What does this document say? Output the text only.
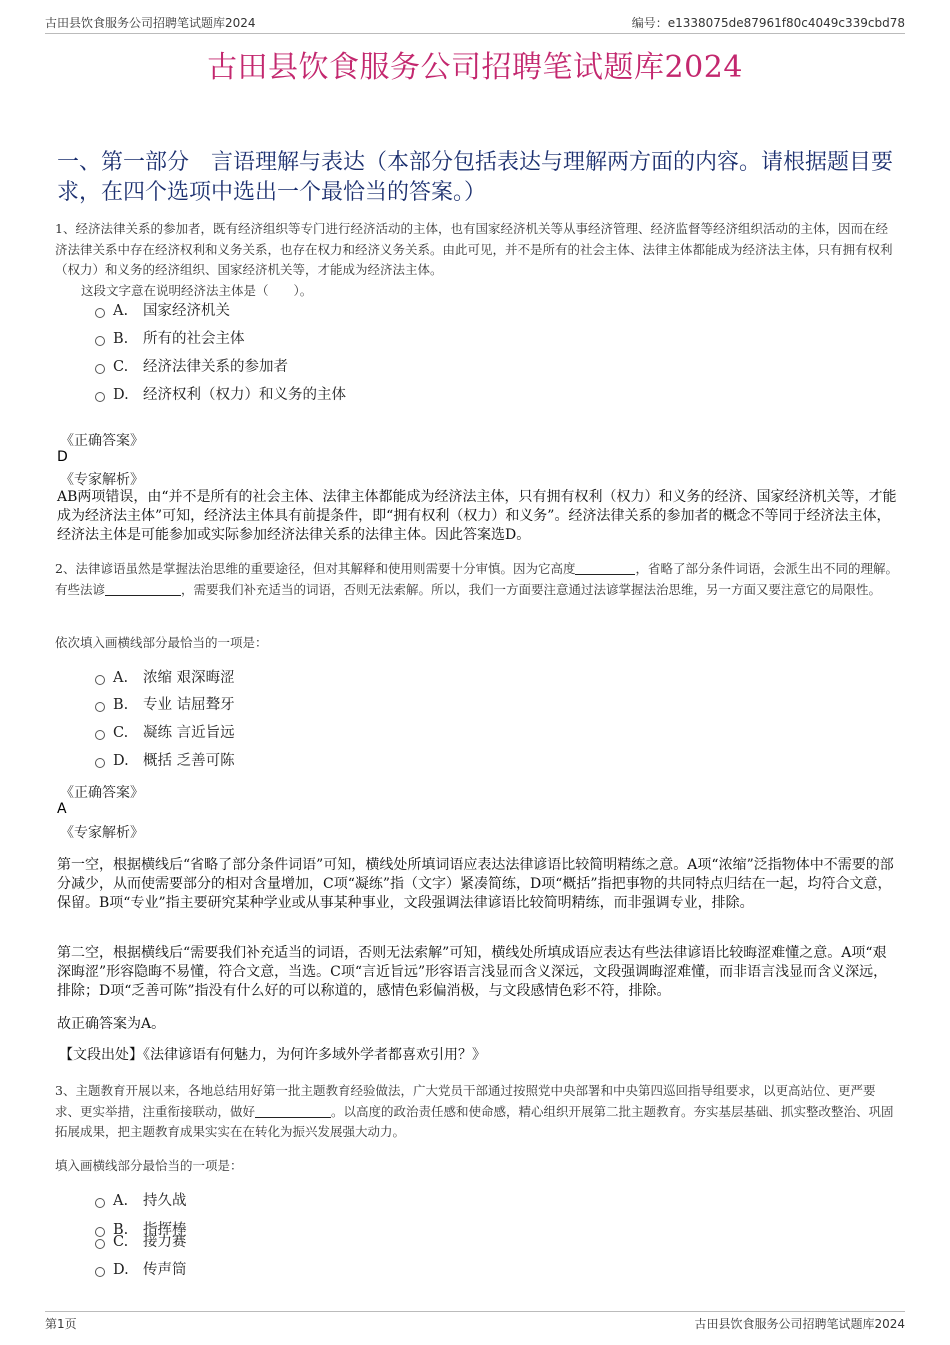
古田县饮食服务公司招聘笔试题库2024	编号：e1338075de87961f80c4049c339cbd78
古田县饮食服务公司招聘笔试题库2024
一、第一部分　言语理解与表达（本部分包括表达与理解两方面的内容。请根据题目要求，在四个选项中选出一个最恰当的答案。）
1、经济法律关系的参加者，既有经济组织等专门进行经济活动的主体，也有国家经济机关等从事经济管理、经济监督等经济组织活动的主体，因而在经济法律关系中存在经济权利和义务关系，也存在权力和经济义务关系。由此可见，并不是所有的社会主体、法律主体都能成为经济法主体，只有拥有权利（权力）和义务的经济组织、国家经济机关等，才能成为经济法主体。
这段文字意在说明经济法主体是（　　）。
A. 国家经济机关
B. 所有的社会主体
C. 经济法律关系的参加者
D. 经济权利（权力）和义务的主体
《正确答案》
D
《专家解析》
AB两项错误，由“并不是所有的社会主体、法律主体都能成为经济法主体，只有拥有权利（权力）和义务的经济、国家经济机关等，才能成为经济法主体”可知，经济法主体具有前提条件，即“拥有权利（权力）和义务”。经济法律关系的参加者的概念不等同于经济法主体，经济法主体是可能参加或实际参加经济法律关系的法律主体。因此答案选D。
2、法律谚语虽然是掌握法治思维的重要途径，但对其解释和使用则需要十分审慎。因为它高度	，省略了部分条件词语，会派生出不同的理解。有些法谚	，需要我们补充适当的词语，否则无法索解。所以，我们一方面要注意通过法谚掌握法治思维，另一方面又要注意它的局限性。
依次填入画横线部分最恰当的一项是：
A. 浓缩 艰深晦涩
B. 专业 诘屈聱牙
C. 凝练 言近旨远
D. 概括 乏善可陈
《正确答案》
A
《专家解析》
第一空，根据横线后“省略了部分条件词语”可知，横线处所填词语应表达法律谚语比较简明精练之意。A项“浓缩”泛指物体中不需要的部分减少，从而使需要部分的相对含量增加，C项“凝练”指（文字）紧凑简练，D项“概括”指把事物的共同特点归结在一起，均符合文意，保留。B项“专业”指主要研究某种学业或从事某种事业，文段强调法律谚语比较简明精练，而非强调专业，排除。
第二空，根据横线后“需要我们补充适当的词语，否则无法索解”可知，横线处所填成语应表达有些法律谚语比较晦涩难懂之意。A项“艰深晦涩”形容隐晦不易懂，符合文意，当选。C项“言近旨远”形容语言浅显而含义深远，文段强调晦涩难懂，而非语言浅显而含义深远，排除；D项“乏善可陈”指没有什么好的可以称道的，感情色彩偏消极，与文段感情色彩不符，排除。
故正确答案为A。
【文段出处】《法律谚语有何魅力，为何许多域外学者都喜欢引用？》
3、主题教育开展以来，各地总结用好第一批主题教育经验做法，广大党员干部通过按照党中央部署和中央第四巡回指导组要求，以更高站位、更严要求、更实举措，注重衔接联动，做好	。以高度的政治责任感和使命感，精心组织开展第二批主题教育。夯实基层基础、抓实整改整治、巩固拓展成果，把主题教育成果实实在在转化为振兴发展强大动力。
填入画横线部分最恰当的一项是：
A. 持久战
B. 指挥棒
C. 接力赛
D. 传声筒
第1页	古田县饮食服务公司招聘笔试题库2024
